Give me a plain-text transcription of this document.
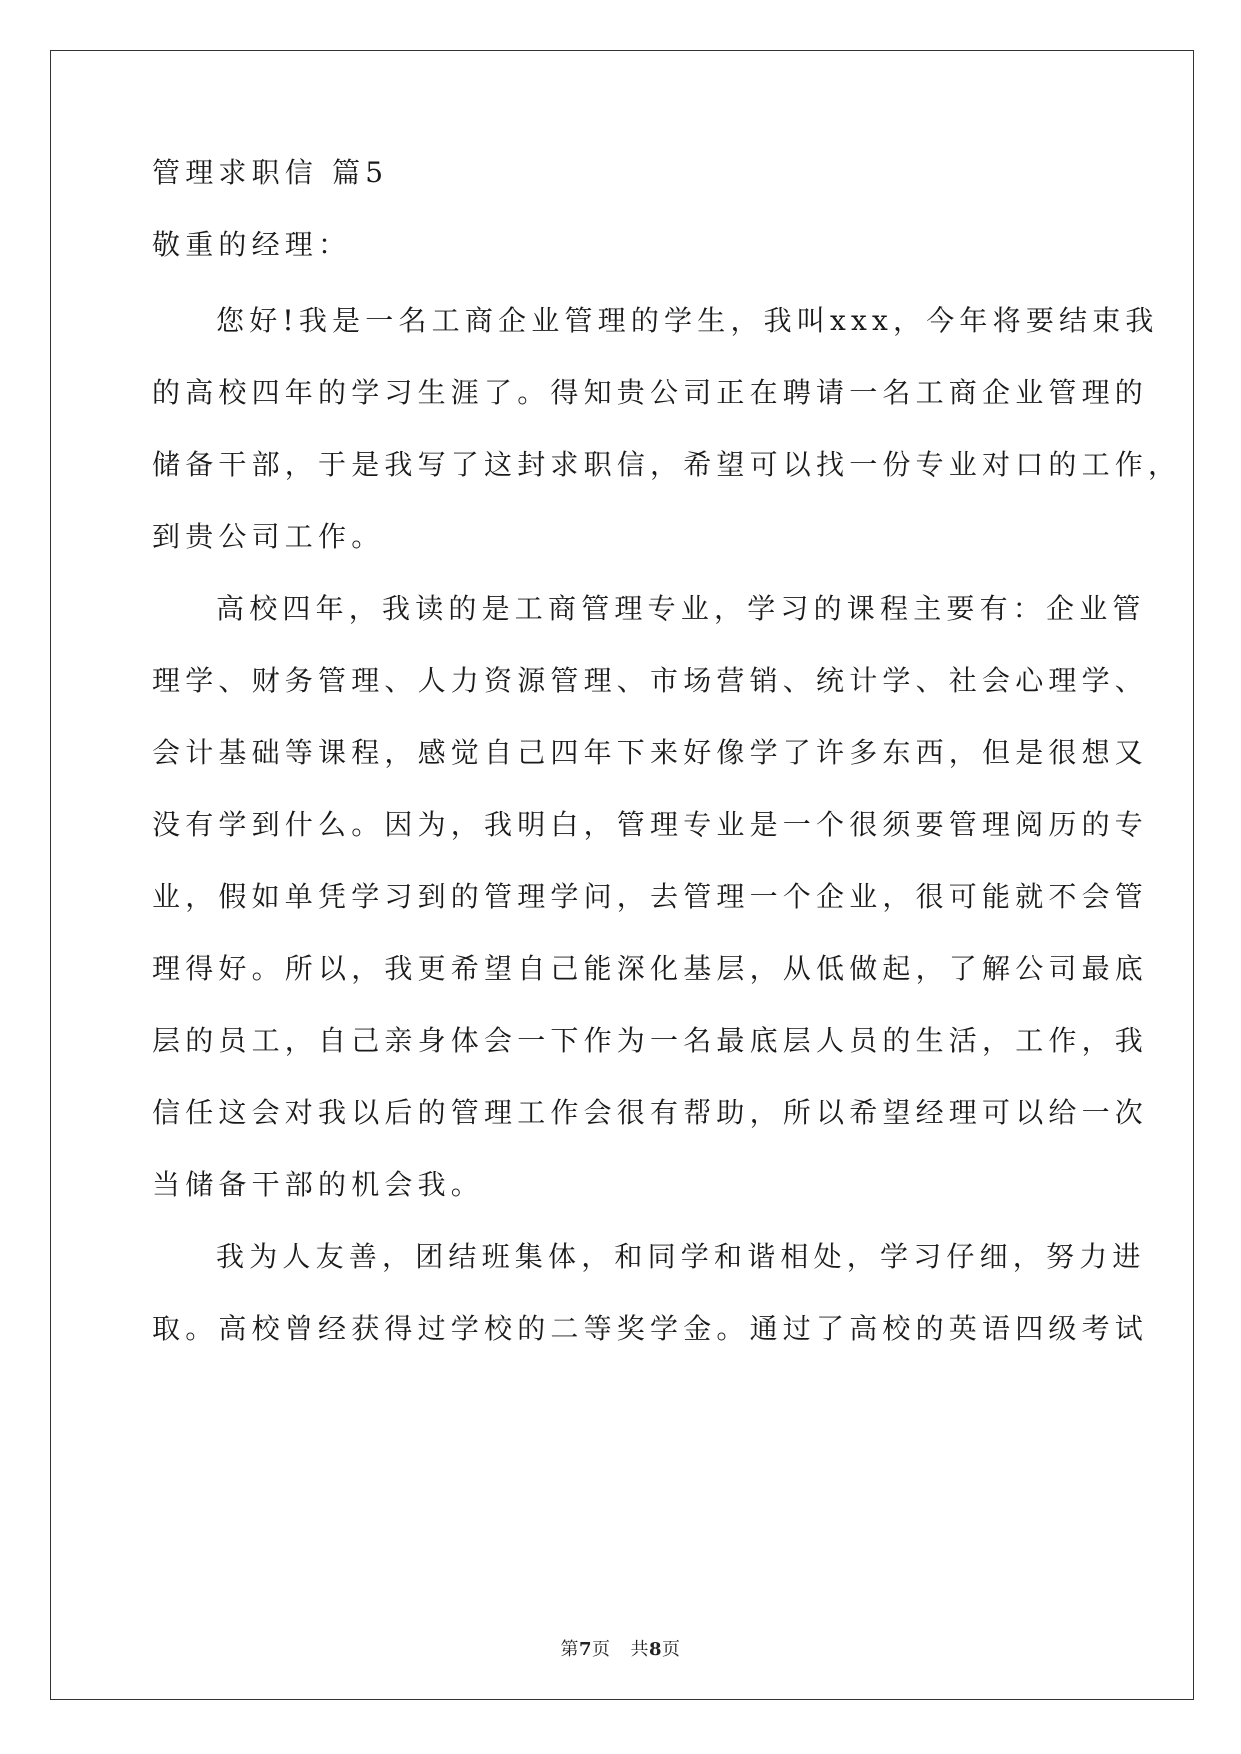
管理求职信 篇5
敬重的经理：
您好!我是一名工商企业管理的学生，我叫xxx，今年将要结束我
的高校四年的学习生涯了。得知贵公司正在聘请一名工商企业管理的
储备干部，于是我写了这封求职信，希望可以找一份专业对口的工作，
到贵公司工作。
高校四年，我读的是工商管理专业，学习的课程主要有：企业管
理学、财务管理、人力资源管理、市场营销、统计学、社会心理学、
会计基础等课程，感觉自己四年下来好像学了许多东西，但是很想又
没有学到什么。因为，我明白，管理专业是一个很须要管理阅历的专
业，假如单凭学习到的管理学问，去管理一个企业，很可能就不会管
理得好。所以，我更希望自己能深化基层，从低做起，了解公司最底
层的员工，自己亲身体会一下作为一名最底层人员的生活，工作，我
信任这会对我以后的管理工作会很有帮助，所以希望经理可以给一次
当储备干部的机会我。
我为人友善，团结班集体，和同学和谐相处，学习仔细，努力进
取。高校曾经获得过学校的二等奖学金。通过了高校的英语四级考试
第7页 共8页
